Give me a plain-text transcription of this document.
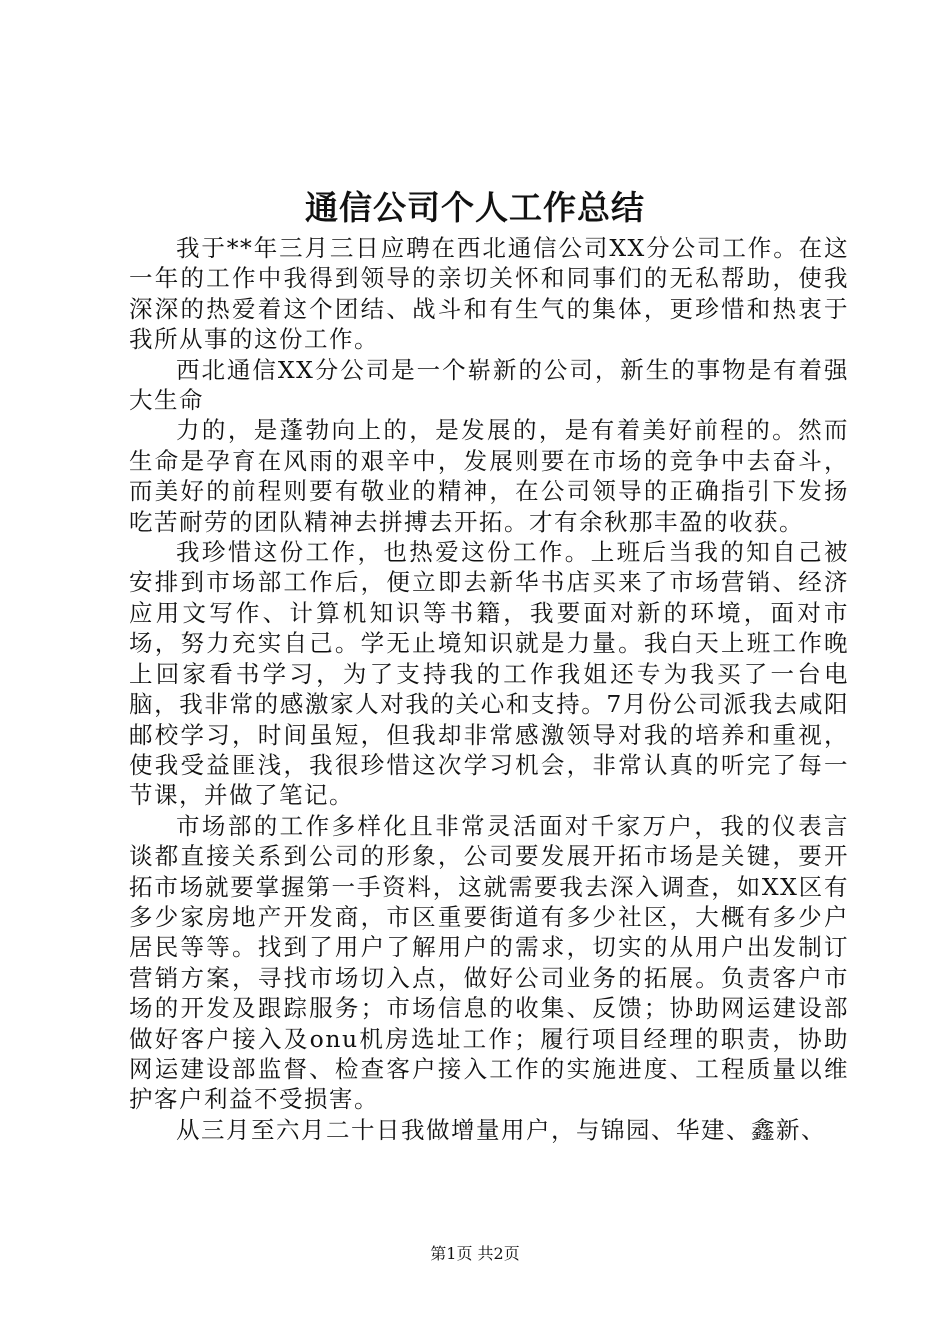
通信公司个人工作总结

我于**年三月三日应聘在西北通信公司XX分公司工作。在这一年的工作中我得到领导的亲切关怀和同事们的无私帮助，使我深深的热爱着这个团结、战斗和有生气的集体，更珍惜和热衷于我所从事的这份工作。

西北通信XX分公司是一个崭新的公司，新生的事物是有着强大生命

力的，是蓬勃向上的，是发展的，是有着美好前程的。然而生命是孕育在风雨的艰辛中，发展则要在市场的竞争中去奋斗，而美好的前程则要有敬业的精神，在公司领导的正确指引下发扬吃苦耐劳的团队精神去拼搏去开拓。才有余秋那丰盈的收获。

我珍惜这份工作，也热爱这份工作。上班后当我的知自己被安排到市场部工作后，便立即去新华书店买来了市场营销、经济应用文写作、计算机知识等书籍，我要面对新的环境，面对市场，努力充实自己。学无止境知识就是力量。我白天上班工作晚上回家看书学习，为了支持我的工作我姐还专为我买了一台电脑，我非常的感激家人对我的关心和支持。7月份公司派我去咸阳邮校学习，时间虽短，但我却非常感激领导对我的培养和重视，使我受益匪浅，我很珍惜这次学习机会，非常认真的听完了每一节课，并做了笔记。

市场部的工作多样化且非常灵活面对千家万户，我的仪表言谈都直接关系到公司的形象，公司要发展开拓市场是关键，要开拓市场就要掌握第一手资料，这就需要我去深入调查，如XX区有多少家房地产开发商，市区重要街道有多少社区，大概有多少户居民等等。找到了用户了解用户的需求，切实的从用户出发制订营销方案，寻找市场切入点，做好公司业务的拓展。负责客户市场的开发及跟踪服务；市场信息的收集、反馈；协助网运建设部做好客户接入及onu机房选址工作；履行项目经理的职责，协助网运建设部监督、检查客户接入工作的实施进度、工程质量以维护客户利益不受损害。

从三月至六月二十日我做增量用户，与锦园、华建、鑫新、

第1页 共2页
